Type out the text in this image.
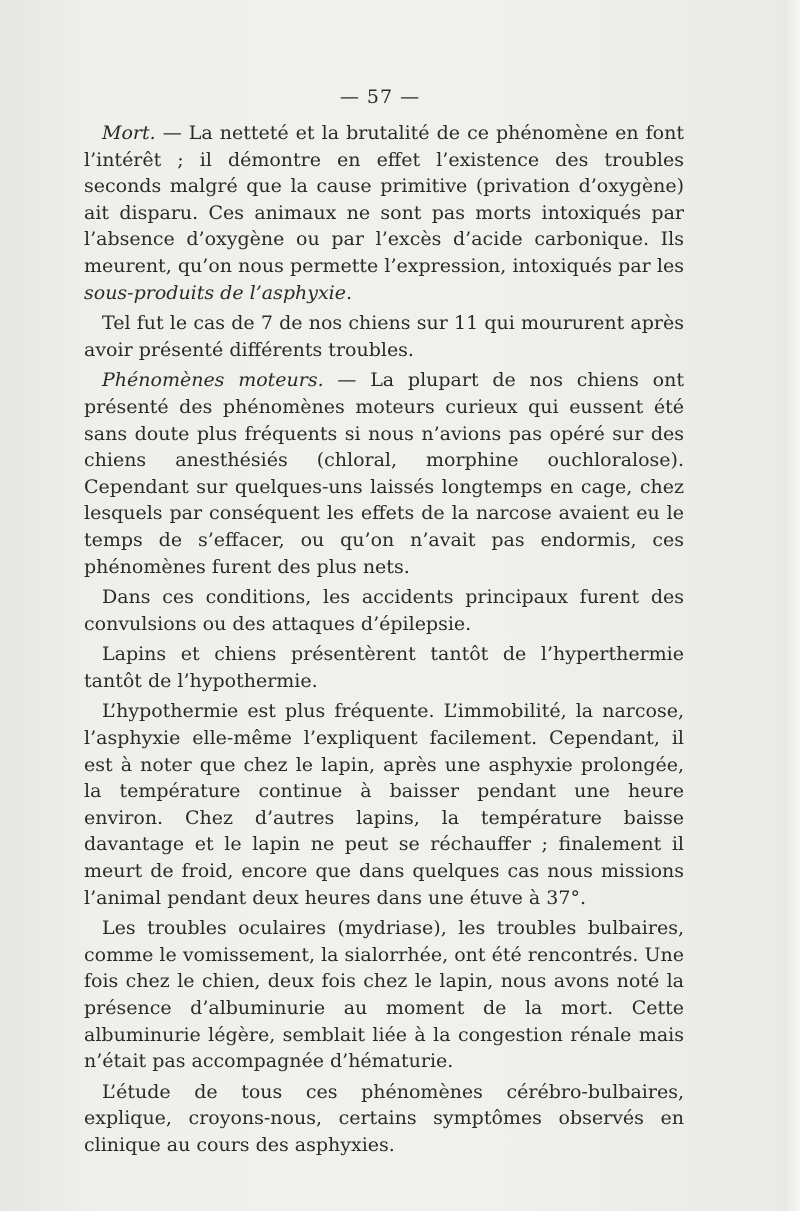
— 57 —

Mort. — La netteté et la brutalité de ce phénomène en font l’intérêt ; il démontre en effet l’existence des troubles seconds malgré que la cause primitive (privation d’oxygène) ait disparu. Ces animaux ne sont pas morts intoxiqués par l’absence d’oxygène ou par l’excès d’acide carbonique. Ils meurent, qu’on nous permette l’expression, intoxiqués par les sous-produits de l’asphyxie.

Tel fut le cas de 7 de nos chiens sur 11 qui moururent après avoir présenté différents troubles.

Phénomènes moteurs. — La plupart de nos chiens ont présenté des phénomènes moteurs curieux qui eussent été sans doute plus fréquents si nous n’avions pas opéré sur des chiens anesthésiés (chloral, morphine ouchloralose). Cependant sur quelques-uns laissés longtemps en cage, chez lesquels par conséquent les effets de la narcose avaient eu le temps de s’effacer, ou qu’on n’avait pas endormis, ces phénomènes furent des plus nets.

Dans ces conditions, les accidents principaux furent des convulsions ou des attaques d’épilepsie.

Lapins et chiens présentèrent tantôt de l’hyperthermie tantôt de l’hypothermie.

L’hypothermie est plus fréquente. L’immobilité, la narcose, l’asphyxie elle-même l’expliquent facilement. Cependant, il est à noter que chez le lapin, après une asphyxie prolongée, la température continue à baisser pendant une heure environ. Chez d’autres lapins, la température baisse davantage et le lapin ne peut se réchauffer ; finalement il meurt de froid, encore que dans quelques cas nous missions l’animal pendant deux heures dans une étuve à 37°.

Les troubles oculaires (mydriase), les troubles bulbaires, comme le vomissement, la sialorrhée, ont été rencontrés. Une fois chez le chien, deux fois chez le lapin, nous avons noté la présence d’albuminurie au moment de la mort. Cette albuminurie légère, semblait liée à la congestion rénale mais n’était pas accompagnée d’hématurie.

L’étude de tous ces phénomènes cérébro-bulbaires, explique, croyons-nous, certains symptômes observés en clinique au cours des asphyxies.
